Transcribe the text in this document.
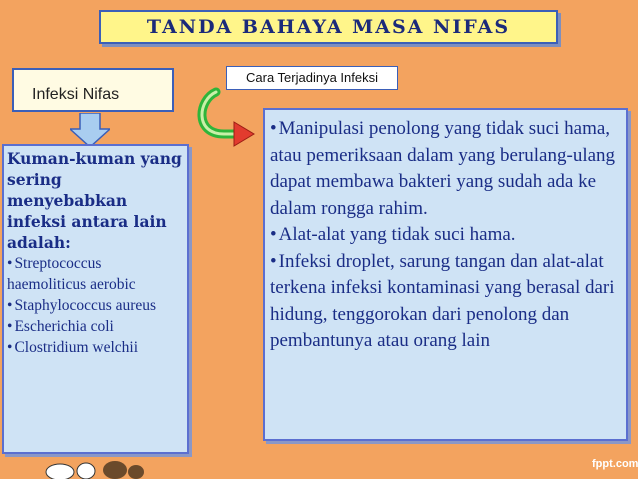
TANDA BAHAYA MASA NIFAS
Infeksi Nifas
Cara Terjadinya Infeksi
Kuman-kuman yang sering menyebabkan infeksi antara lain adalah:
• Streptococcus haemoliticus aerobic
• Staphylococcus aureus
• Escherichia coli
• Clostridium welchii
• Manipulasi penolong yang tidak suci hama, atau pemeriksaan dalam yang berulang-ulang dapat membawa bakteri yang sudah ada ke dalam rongga rahim.
• Alat-alat yang tidak suci hama.
• Infeksi droplet, sarung tangan dan alat-alat terkena infeksi kontaminasi yang berasal dari hidung, tenggorokan dari penolong dan pembantunya atau orang lain
fppt.com
